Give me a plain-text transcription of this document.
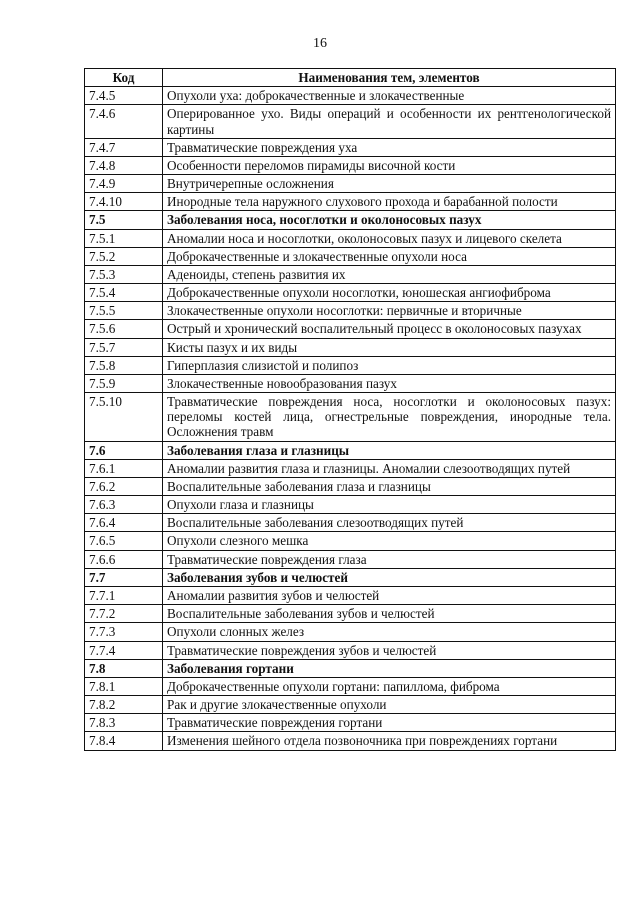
16
Код	Наименования тем, элементов
7.4.5	Опухоли уха: доброкачественные и злокачественные
7.4.6	Оперированное ухо. Виды операций и особенности их рентгенологической картины
7.4.7	Травматические повреждения уха
7.4.8	Особенности переломов пирамиды височной кости
7.4.9	Внутричерепные осложнения
7.4.10	Инородные тела наружного слухового прохода и барабанной полости
7.5	Заболевания носа, носоглотки и околоносовых пазух
7.5.1	Аномалии носа и носоглотки, околоносовых пазух и лицевого скелета
7.5.2	Доброкачественные и злокачественные опухоли носа
7.5.3	Аденоиды, степень развития их
7.5.4	Доброкачественные опухоли носоглотки, юношеская ангиофиброма
7.5.5	Злокачественные опухоли носоглотки: первичные и вторичные
7.5.6	Острый и хронический воспалительный процесс в околоносовых пазухах
7.5.7	Кисты пазух и их виды
7.5.8	Гиперплазия слизистой и полипоз
7.5.9	Злокачественные новообразования пазух
7.5.10	Травматические повреждения носа, носоглотки и околоносовых пазух: переломы костей лица, огнестрельные повреждения, инородные тела. Осложнения травм
7.6	Заболевания глаза и глазницы
7.6.1	Аномалии развития глаза и глазницы. Аномалии слезоотводящих путей
7.6.2	Воспалительные заболевания глаза и глазницы
7.6.3	Опухоли глаза и глазницы
7.6.4	Воспалительные заболевания слезоотводящих путей
7.6.5	Опухоли слезного мешка
7.6.6	Травматические повреждения глаза
7.7	Заболевания зубов и челюстей
7.7.1	Аномалии развития зубов и челюстей
7.7.2	Воспалительные заболевания зубов и челюстей
7.7.3	Опухоли слонных желез
7.7.4	Травматические повреждения зубов и челюстей
7.8	Заболевания гортани
7.8.1	Доброкачественные опухоли гортани: папиллома, фиброма
7.8.2	Рак и другие злокачественные опухоли
7.8.3	Травматические повреждения гортани
7.8.4	Изменения шейного отдела позвоночника при повреждениях гортани
